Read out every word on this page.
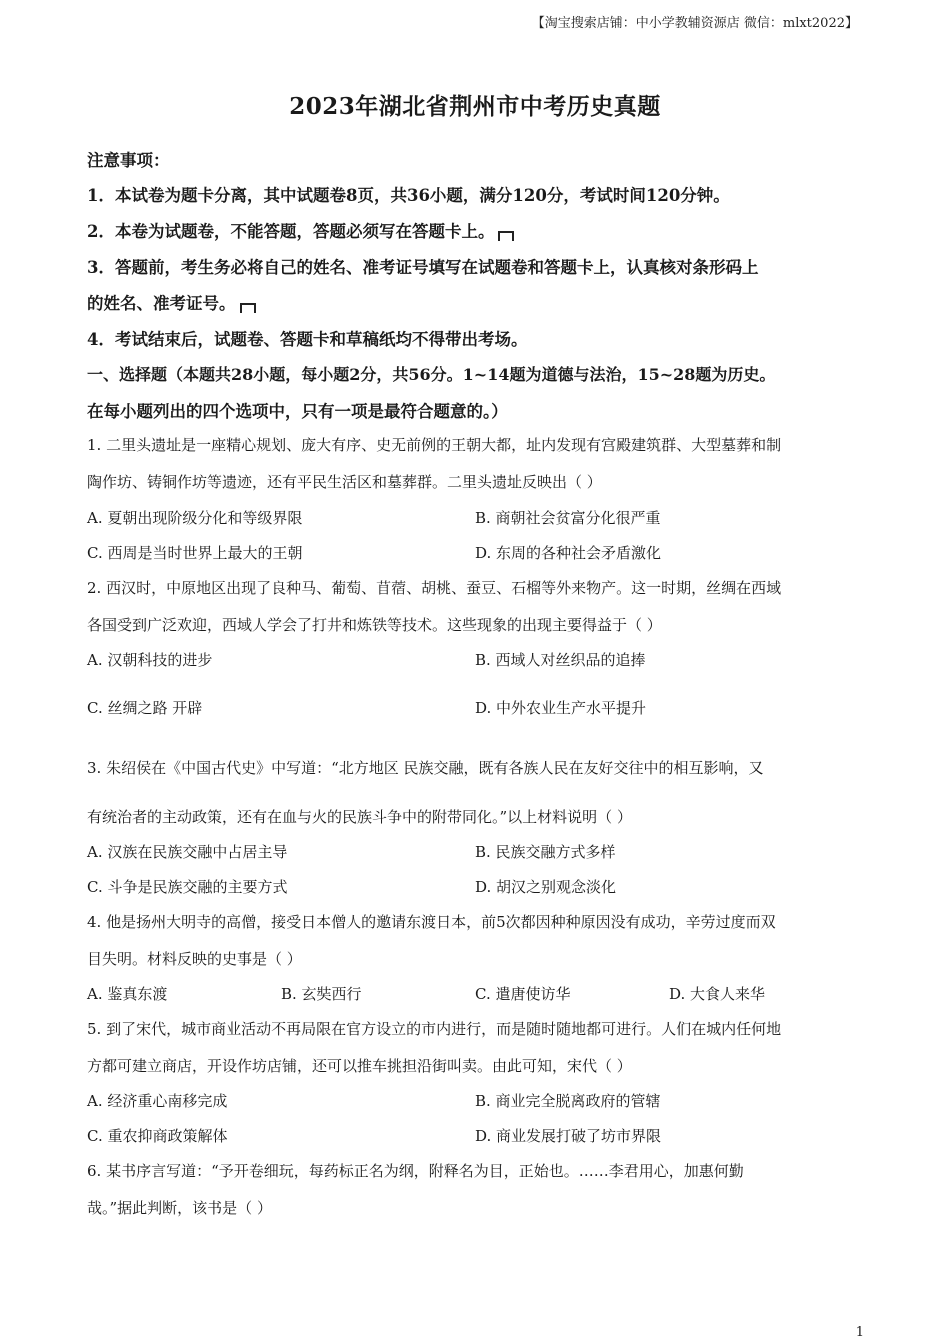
【淘宝搜索店铺：中小学教辅资源店 微信：mlxt2022】
2023年湖北省荆州市中考历史真题
注意事项：
1．本试卷为题卡分离，其中试题卷8页，共36小题，满分120分，考试时间120分钟。
2．本卷为试题卷，不能答题，答题必须写在答题卡上。
3．答题前，考生务必将自己的姓名、准考证号填写在试题卷和答题卡上，认真核对条形码上
的姓名、准考证号。
4．考试结束后，试题卷、答题卡和草稿纸均不得带出考场。
一、选择题（本题共28小题，每小题2分，共56分。1~14题为道德与法治，15~28题为历史。
在每小题列出的四个选项中，只有一项是最符合题意的。）
1. 二里头遗址是一座精心规划、庞大有序、史无前例的王朝大都，址内发现有宫殿建筑群、大型墓葬和制
陶作坊、铸铜作坊等遗迹，还有平民生活区和墓葬群。二里头遗址反映出（ ）
A. 夏朝出现阶级分化和等级界限	B. 商朝社会贫富分化很严重
C. 西周是当时世界上最大的王朝	D. 东周的各种社会矛盾激化
2. 西汉时，中原地区出现了良种马、葡萄、苜蓿、胡桃、蚕豆、石榴等外来物产。这一时期，丝绸在西域
各国受到广泛欢迎，西域人学会了打井和炼铁等技术。这些现象的出现主要得益于（ ）
A. 汉朝科技的进步	B. 西域人对丝织品的追捧
C. 丝绸之路 开辟	D. 中外农业生产水平提升
3. 朱绍侯在《中国古代史》中写道：“北方地区 民族交融，既有各族人民在友好交往中的相互影响，又
有统治者的主动政策，还有在血与火的民族斗争中的附带同化。”以上材料说明（ ）
A. 汉族在民族交融中占居主导	B. 民族交融方式多样
C. 斗争是民族交融的主要方式	D. 胡汉之别观念淡化
4. 他是扬州大明寺的高僧，接受日本僧人的邀请东渡日本，前5次都因种种原因没有成功，辛劳过度而双
目失明。材料反映的史事是（ ）
A. 鉴真东渡	B. 玄奘西行	C. 遣唐使访华	D. 大食人来华
5. 到了宋代，城市商业活动不再局限在官方设立的市内进行，而是随时随地都可进行。人们在城内任何地
方都可建立商店，开设作坊店铺，还可以推车挑担沿街叫卖。由此可知，宋代（ ）
A. 经济重心南移完成	B. 商业完全脱离政府的管辖
C. 重农抑商政策解体	D. 商业发展打破了坊市界限
6. 某书序言写道：“予开卷细玩，每药标正名为纲，附释名为目，正始也。……李君用心，加惠何勤
哉。”据此判断，该书是（ ）
1
